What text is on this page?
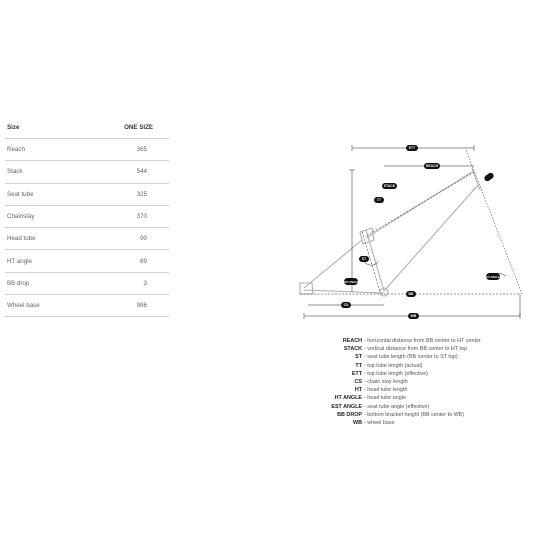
Size	ONE SIZE
Reach	365
Stack	544
Seat tube	325
Chainstay	370
Head tube	90
HT angle	69
BB drop	3
Wheel base	986
ETT
REACH
STACK
TT
ST
EST ANGLE
HT ANGLE
CS
BB
WB
REACH - horizontal distance from BB center to HT center
STACK - vertical distance from BB center to HT top
ST - seat tube length (BB center to ST top)
TT - top tube length (actual)
ETT - top tube length (effective)
CS - chain stay length
HT - head tube length
HT ANGLE - head tube angle
EST ANGLE - seat tube angle (effective)
BB DROP - bottom bracket height (BB center to WB)
WB - wheel base
